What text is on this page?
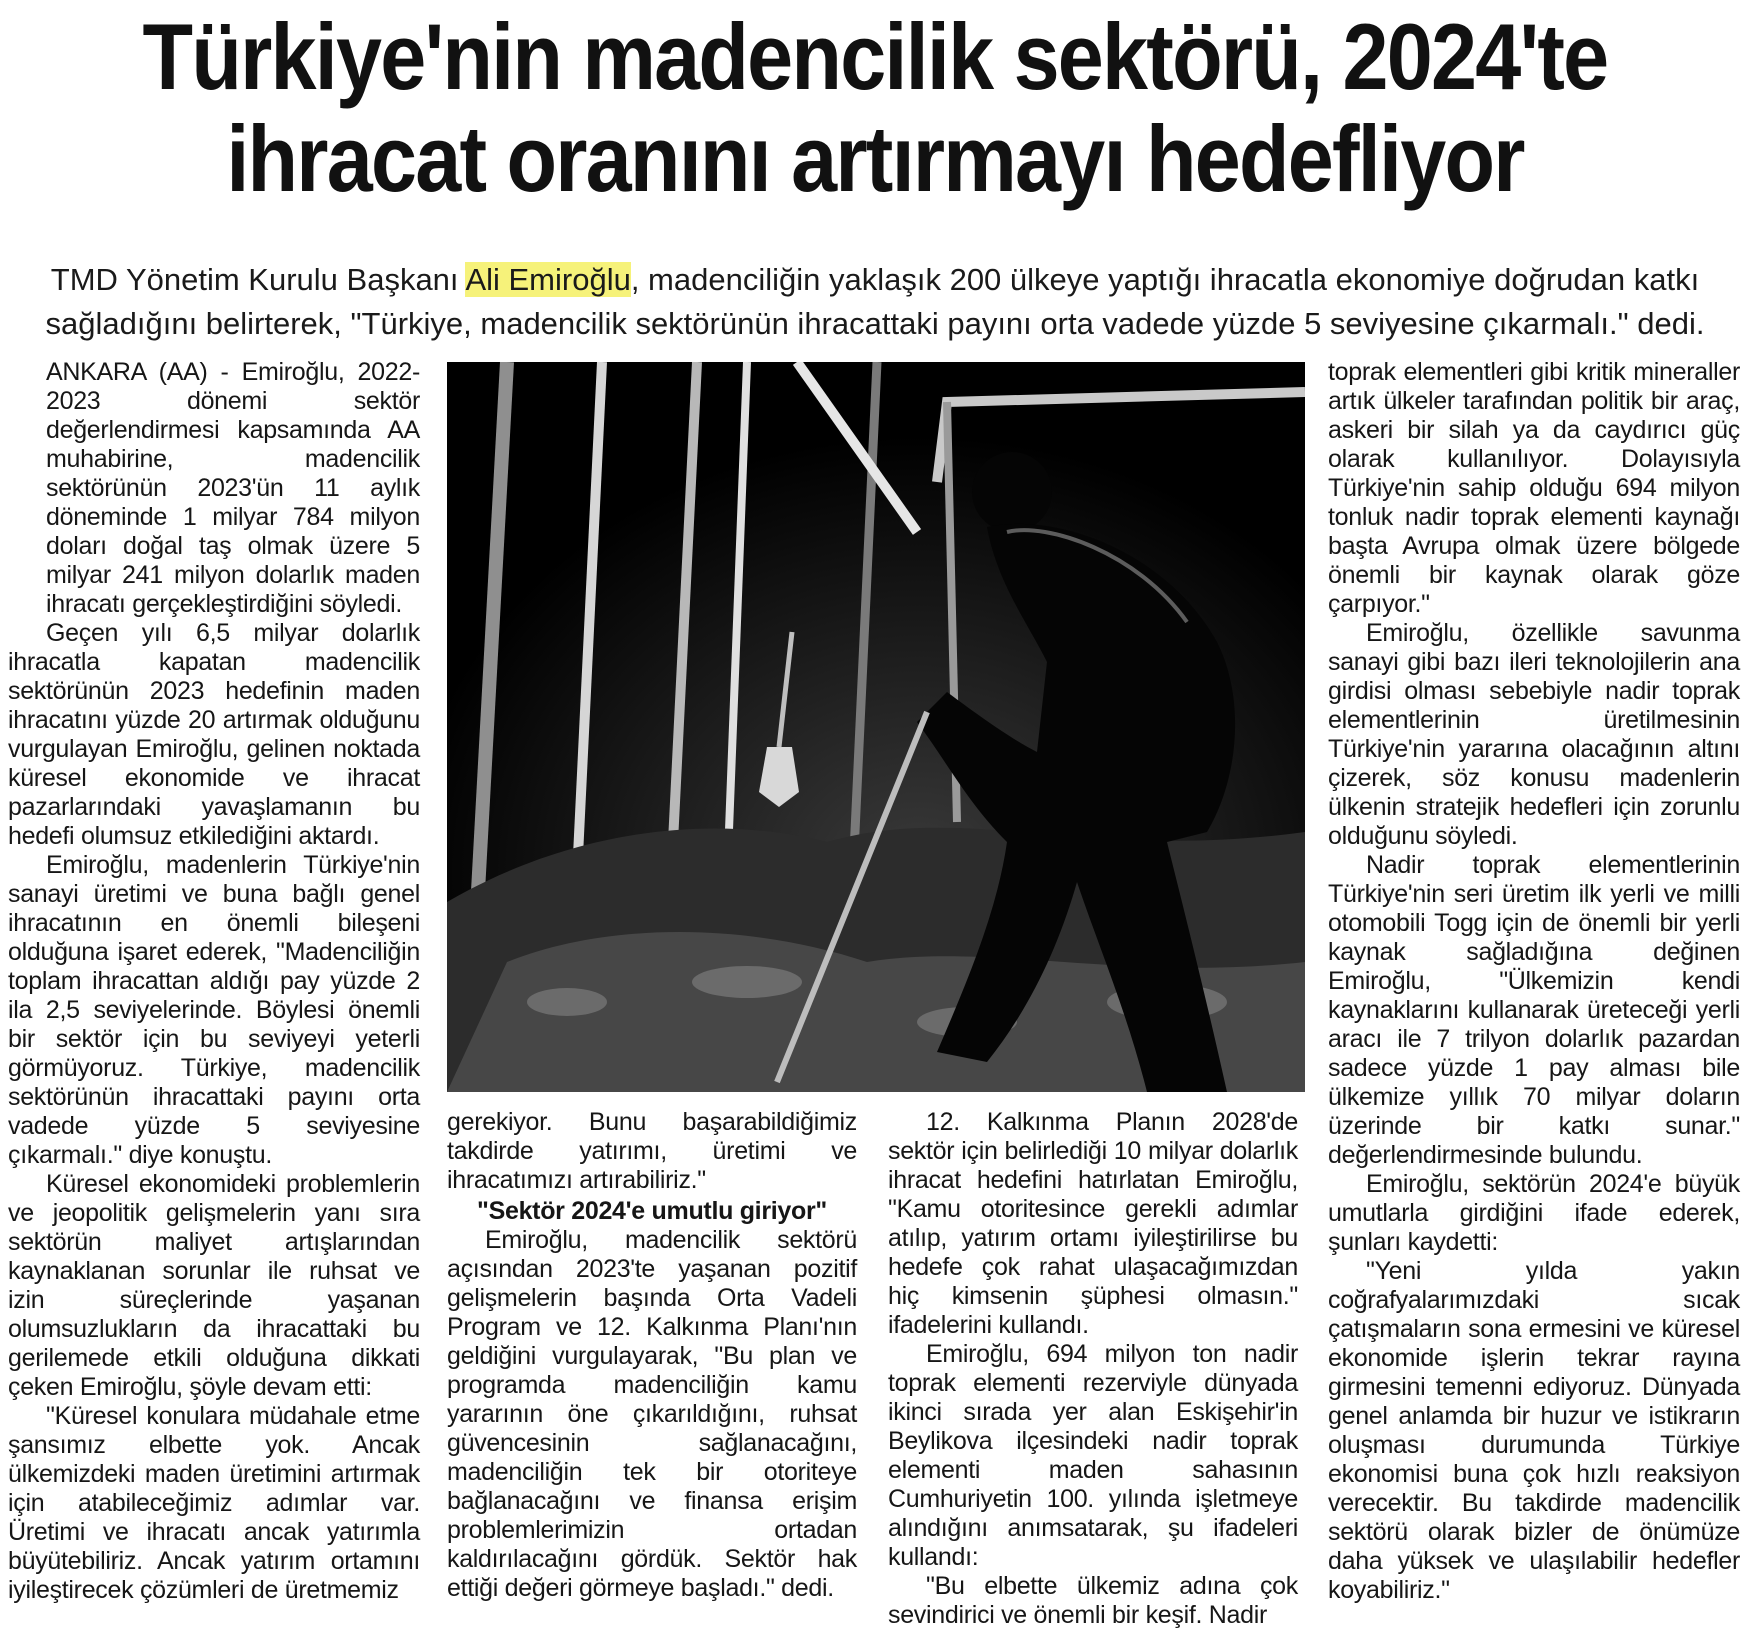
Türkiye'nin madencilik sektörü, 2024'te
ihracat oranını artırmayı hedefliyor

TMD Yönetim Kurulu Başkanı Ali Emiroğlu, madenciliğin yaklaşık 200 ülkeye yaptığı ihracatla ekonomiye doğrudan katkı sağladığını belirterek, "Türkiye, madencilik sektörünün ihracattaki payını orta vadede yüzde 5 seviyesine çıkarmalı." dedi.

ANKARA (AA) - Emiroğlu, 2022-2023 dönemi sektör değerlendirmesi kapsamında AA muhabirine, madencilik sektörünün 2023'ün 11 aylık döneminde 1 milyar 784 milyon doları doğal taş olmak üzere 5 milyar 241 milyon dolarlık maden ihracatı gerçekleştirdiğini söyledi.

Geçen yılı 6,5 milyar dolarlık ihracatla kapatan madencilik sektörünün 2023 hedefinin maden ihracatını yüzde 20 artırmak olduğunu vurgulayan Emiroğlu, gelinen noktada küresel ekonomide ve ihracat pazarlarındaki yavaşlamanın bu hedefi olumsuz etkilediğini aktardı.

Emiroğlu, madenlerin Türkiye'nin sanayi üretimi ve buna bağlı genel ihracatının en önemli bileşeni olduğuna işaret ederek, "Madenciliğin toplam ihracattan aldığı pay yüzde 2 ila 2,5 seviyelerinde. Böylesi önemli bir sektör için bu seviyeyi yeterli görmüyoruz. Türkiye, madencilik sektörünün ihracattaki payını orta vadede yüzde 5 seviyesine çıkarmalı." diye konuştu.

Küresel ekonomideki problemlerin ve jeopolitik gelişmelerin yanı sıra sektörün maliyet artışlarından kaynaklanan sorunlar ile ruhsat ve izin süreçlerinde yaşanan olumsuzlukların da ihracattaki bu gerilemede etkili olduğuna dikkati çeken Emiroğlu, şöyle devam etti:

"Küresel konulara müdahale etme şansımız elbette yok. Ancak ülkemizdeki maden üretimini artırmak için atabileceğimiz adımlar var. Üretimi ve ihracatı ancak yatırımla büyütebiliriz. Ancak yatırım ortamını iyileştirecek çözümleri de üretmemiz

gerekiyor. Bunu başarabildiğimiz takdirde yatırımı, üretimi ve ihracatımızı artırabiliriz."

"Sektör 2024'e umutlu giriyor"

Emiroğlu, madencilik sektörü açısından 2023'te yaşanan pozitif gelişmelerin başında Orta Vadeli Program ve 12. Kalkınma Planı'nın geldiğini vurgulayarak, "Bu plan ve programda madenciliğin kamu yararının öne çıkarıldığını, ruhsat güvencesinin sağlanacağını, madenciliğin tek bir otoriteye bağlanacağını ve finansa erişim problemlerimizin ortadan kaldırılacağını gördük. Sektör hak ettiği değeri görmeye başladı." dedi.

12. Kalkınma Planın 2028'de sektör için belirlediği 10 milyar dolarlık ihracat hedefini hatırlatan Emiroğlu, "Kamu otoritesince gerekli adımlar atılıp, yatırım ortamı iyileştirilirse bu hedefe çok rahat ulaşacağımızdan hiç kimsenin şüphesi olmasın." ifadelerini kullandı.

Emiroğlu, 694 milyon ton nadir toprak elementi rezerviyle dünyada ikinci sırada yer alan Eskişehir'in Beylikova ilçesindeki nadir toprak elementi maden sahasının Cumhuriyetin 100. yılında işletmeye alındığını anımsatarak, şu ifadeleri kullandı:

"Bu elbette ülkemiz adına çok sevindirici ve önemli bir keşif. Nadir

toprak elementleri gibi kritik mineraller artık ülkeler tarafından politik bir araç, askeri bir silah ya da caydırıcı güç olarak kullanılıyor. Dolayısıyla Türkiye'nin sahip olduğu 694 milyon tonluk nadir toprak elementi kaynağı başta Avrupa olmak üzere bölgede önemli bir kaynak olarak göze çarpıyor."

Emiroğlu, özellikle savunma sanayi gibi bazı ileri teknolojilerin ana girdisi olması sebebiyle nadir toprak elementlerinin üretilmesinin Türkiye'nin yararına olacağının altını çizerek, söz konusu madenlerin ülkenin stratejik hedefleri için zorunlu olduğunu söyledi.

Nadir toprak elementlerinin Türkiye'nin seri üretim ilk yerli ve milli otomobili Togg için de önemli bir yerli kaynak sağladığına değinen Emiroğlu, "Ülkemizin kendi kaynaklarını kullanarak üreteceği yerli aracı ile 7 trilyon dolarlık pazardan sadece yüzde 1 pay alması bile ülkemize yıllık 70 milyar doların üzerinde bir katkı sunar." değerlendirmesinde bulundu.

Emiroğlu, sektörün 2024'e büyük umutlarla girdiğini ifade ederek, şunları kaydetti:

"Yeni yılda yakın coğrafyalarımızdaki sıcak çatışmaların sona ermesini ve küresel ekonomide işlerin tekrar rayına girmesini temenni ediyoruz. Dünyada genel anlamda bir huzur ve istikrarın oluşması durumunda Türkiye ekonomisi buna çok hızlı reaksiyon verecektir. Bu takdirde madencilik sektörü olarak bizler de önümüze daha yüksek ve ulaşılabilir hedefler koyabiliriz."
